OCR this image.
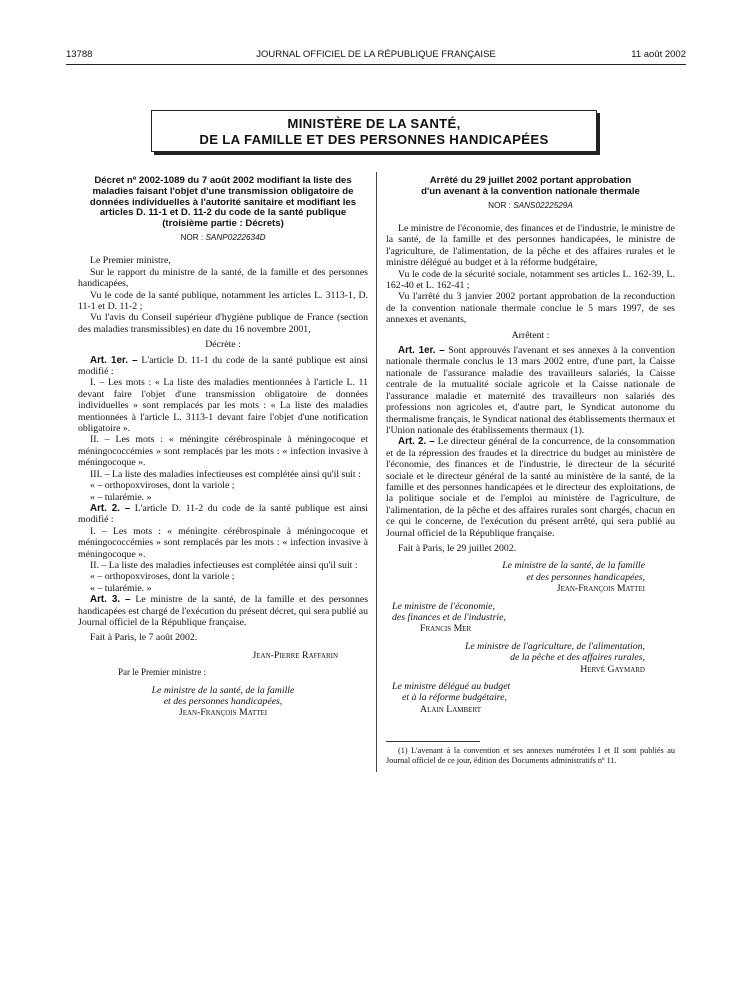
13788	JOURNAL OFFICIEL DE LA RÉPUBLIQUE FRANÇAISE	11 août 2002
MINISTÈRE DE LA SANTÉ,
DE LA FAMILLE ET DES PERSONNES HANDICAPÉES
Décret nº 2002-1089 du 7 août 2002 modifiant la liste des maladies faisant l'objet d'une transmission obligatoire de données individuelles à l'autorité sanitaire et modifiant les articles D. 11-1 et D. 11-2 du code de la santé publique (troisième partie : Décrets)
NOR : SANP0222634D

Le Premier ministre,

Sur le rapport du ministre de la santé, de la famille et des personnes handicapées,

Vu le code de la santé publique, notamment les articles L. 3113-1, D. 11-1 et D. 11-2 ;

Vu l'avis du Conseil supérieur d'hygiène publique de France (section des maladies transmissibles) en date du 16 novembre 2001,

Décrète :

Art. 1er. – L'article D. 11-1 du code de la santé publique est ainsi modifié :

I. – Les mots : « La liste des maladies mentionnées à l'article L. 11 devant faire l'objet d'une transmission obligatoire de données individuelles » sont remplacés par les mots : « La liste des maladies mentionnées à l'article L. 3113-1 devant faire l'objet d'une notification obligatoire ».

II. – Les mots : « méningite cérébrospinale à méningocoque et méningococcémies » sont remplacés par les mots : « infection invasive à méningocoque ».

III. – La liste des maladies infectieuses est complétée ainsi qu'il suit :

« – orthopoxviroses, dont la variole ;

« – tularémie. »

Art. 2. – L'article D. 11-2 du code de la santé publique est ainsi modifié :

I. – Les mots : « méningite cérébrospinale à méningocoque et méningococcémies » sont remplacés par les mots : « infection invasive à méningocoque ».

II. – La liste des maladies infectieuses est complétée ainsi qu'il suit :

« – orthopoxviroses, dont la variole ;

« – tularémie. »

Art. 3. – Le ministre de la santé, de la famille et des personnes handicapées est chargé de l'exécution du présent décret, qui sera publié au Journal officiel de la République française.

Fait à Paris, le 7 août 2002.

Jean-Pierre Raffarin

Par le Premier ministre :

Le ministre de la santé, de la famille
et des personnes handicapées,
Jean-François Mattei
Arrêté du 29 juillet 2002 portant approbation
d'un avenant à la convention nationale thermale
NOR : SANS0222529A

Le ministre de l'économie, des finances et de l'industrie, le ministre de la santé, de la famille et des personnes handicapées, le ministre de l'agriculture, de l'alimentation, de la pêche et des affaires rurales et le ministre délégué au budget et à la réforme budgétaire,

Vu le code de la sécurité sociale, notamment ses articles L. 162-39, L. 162-40 et L. 162-41 ;

Vu l'arrêté du 3 janvier 2002 portant approbation de la reconduction de la convention nationale thermale conclue le 5 mars 1997, de ses annexes et avenants,

Arrêtent :

Art. 1er. – Sont approuvés l'avenant et ses annexes à la convention nationale thermale conclus le 13 mars 2002 entre, d'une part, la Caisse nationale de l'assurance maladie des travailleurs salariés, la Caisse centrale de la mutualité sociale agricole et la Caisse nationale de l'assurance maladie et maternité des travailleurs non salariés des professions non agricoles et, d'autre part, le Syndicat autonome du thermalisme français, le Syndicat national des établissements thermaux et l'Union nationale des établissements thermaux (1).

Art. 2. – Le directeur général de la concurrence, de la consommation et de la répression des fraudes et la directrice du budget au ministère de l'économie, des finances et de l'industrie, le directeur de la sécurité sociale et le directeur général de la santé au ministère de la santé, de la famille et des personnes handicapées et le directeur des exploitations, de la politique sociale et de l'emploi au ministère de l'agriculture, de l'alimentation, de la pêche et des affaires rurales sont chargés, chacun en ce qui le concerne, de l'exécution du présent arrêté, qui sera publié au Journal officiel de la République française.

Fait à Paris, le 29 juillet 2002.

Le ministre de la santé, de la famille
et des personnes handicapées,
Jean-François Mattei
Le ministre de l'économie,
des finances et de l'industrie,
Francis Mer
Le ministre de l'agriculture, de l'alimentation,
de la pêche et des affaires rurales,
Hervé Gaymard
Le ministre délégué au budget
et à la réforme budgétaire,
Alain Lambert

(1) L'avenant à la convention et ses annexes numérotées I et II sont publiés au Journal officiel de ce jour, édition des Documents administratifs nº 11.
